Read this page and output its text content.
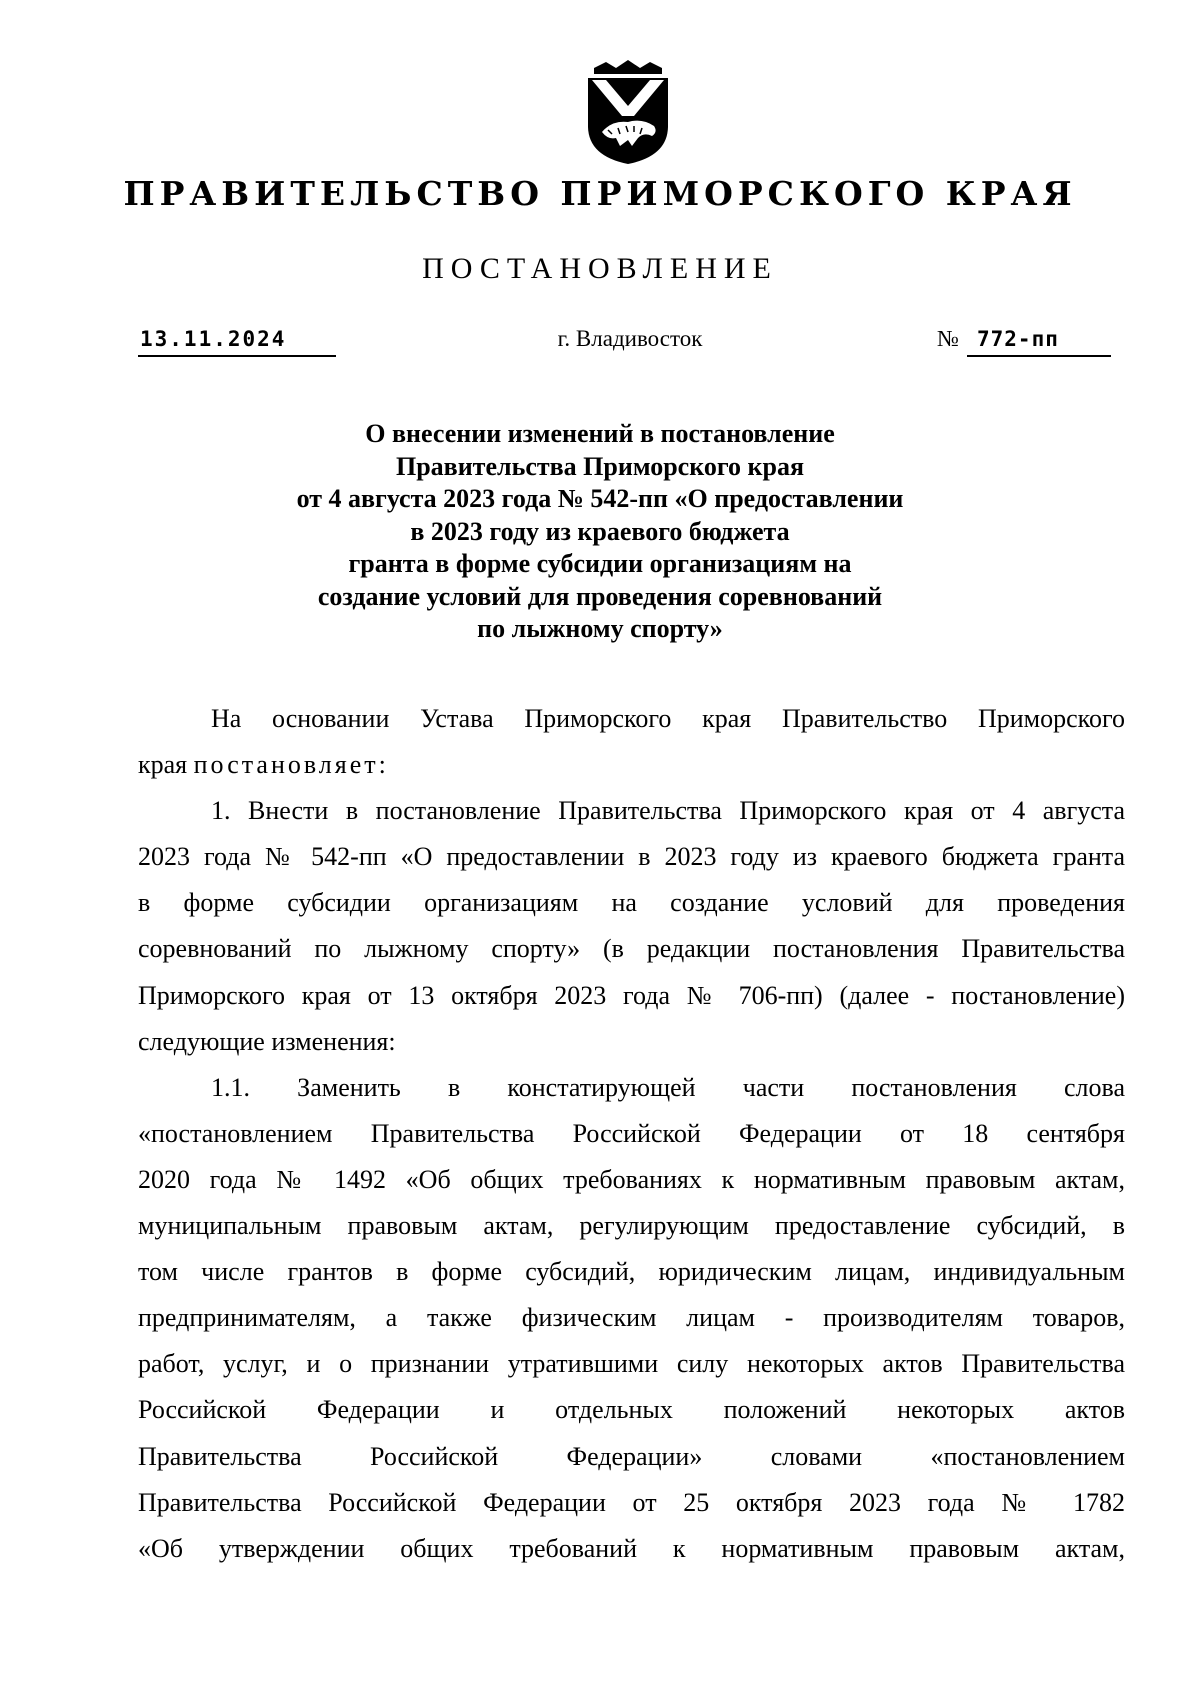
ПРАВИТЕЛЬСТВО ПРИМОРСКОГО КРАЯ
ПОСТАНОВЛЕНИЕ
13.11.2024	г. Владивосток	№ 772-пп
О внесении изменений в постановление
Правительства Приморского края
от 4 августа 2023 года № 542-пп «О предоставлении
в 2023 году из краевого бюджета
гранта в форме субсидии организациям на
создание условий для проведения соревнований
по лыжному спорту»
На основании Устава Приморского края Правительство Приморского
края постановляет:
1. Внести в постановление Правительства Приморского края от 4 августа
2023 года № 542-пп «О предоставлении в 2023 году из краевого бюджета гранта
в форме субсидии организациям на создание условий для проведения
соревнований по лыжному спорту» (в редакции постановления Правительства
Приморского края от 13 октября 2023 года № 706-пп) (далее - постановление)
следующие изменения:
1.1. Заменить в констатирующей части постановления слова
«постановлением Правительства Российской Федерации от 18 сентября
2020 года № 1492 «Об общих требованиях к нормативным правовым актам,
муниципальным правовым актам, регулирующим предоставление субсидий, в
том числе грантов в форме субсидий, юридическим лицам, индивидуальным
предпринимателям, а также физическим лицам - производителям товаров,
работ, услуг, и о признании утратившими силу некоторых актов Правительства
Российской Федерации и отдельных положений некоторых актов
Правительства Российской Федерации» словами «постановлением
Правительства Российской Федерации от 25 октября 2023 года № 1782
«Об утверждении общих требований к нормативным правовым актам,
